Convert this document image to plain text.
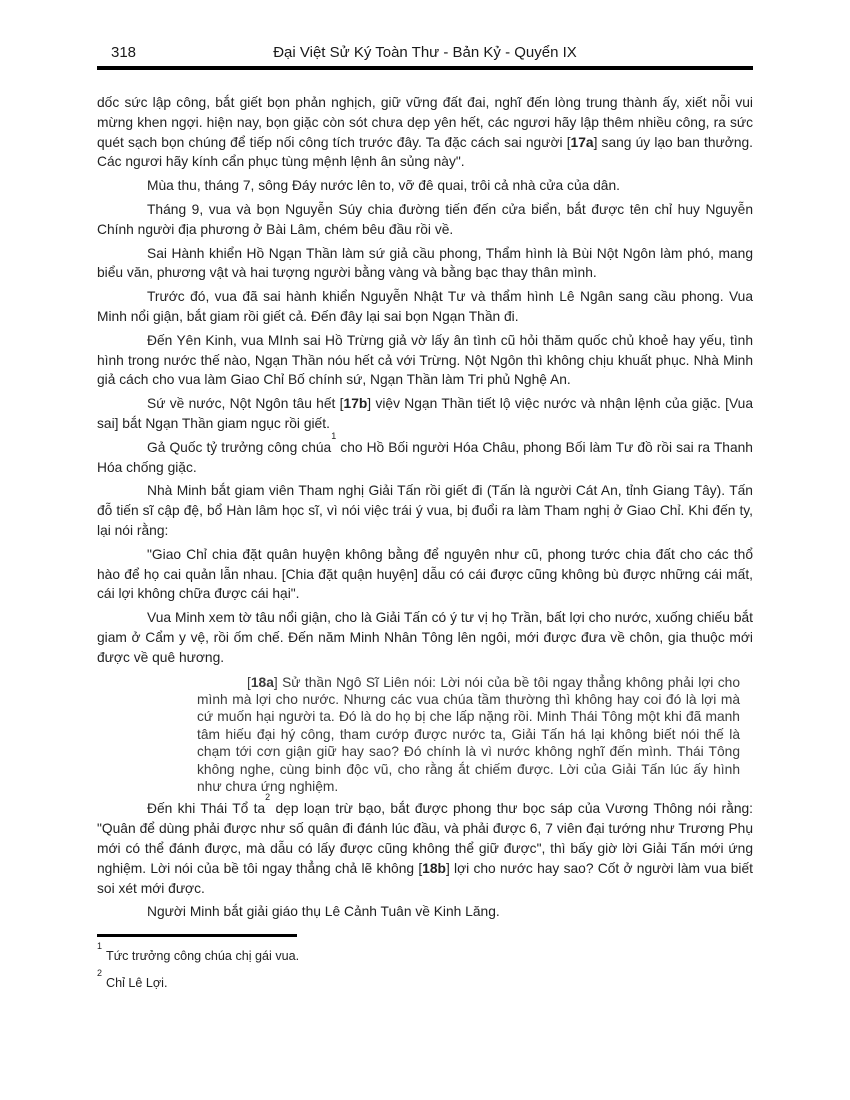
318	Đại Việt Sử Ký Toàn Thư - Bản Kỷ - Quyển IX
dốc sức lập công, bắt giết bọn phản nghịch, giữ vững đất đai, nghĩ đến lòng trung thành ấy, xiết nỗi vui mừng khen ngợi. hiện nay, bọn giặc còn sót chưa dẹp yên hết, các ngươi hãy lập thêm nhiều công, ra sức quét sạch bọn chúng để tiếp nối công tích trước đây. Ta đặc cách sai người [17a] sang úy lạo ban thưởng. Các ngươi hãy kính cẩn phục tùng mệnh lệnh ân sủng này".
Mùa thu, tháng 7, sông Đáy nước lên to, vỡ đê quai, trôi cả nhà cửa của dân.
Tháng 9, vua và bọn Nguyễn Súy chia đường tiến đến cửa biển, bắt được tên chỉ huy Nguyễn Chính người địa phương ở Bài Lâm, chém bêu đầu rồi về.
Sai Hành khiển Hồ Ngạn Thần làm sứ giả cầu phong, Thẩm hình là Bùi Nột Ngôn làm phó, mang biểu văn, phương vật và hai tượng người bằng vàng và bằng bạc thay thân mình.
Trước đó, vua đã sai hành khiển Nguyễn Nhật Tư và thẩm hình Lê Ngân sang cầu phong. Vua Minh nổi giận, bắt giam rồi giết cả. Đến đây lại sai bọn Ngạn Thần đi.
Đến Yên Kinh, vua MInh sai Hồ Trừng giả vờ lấy ân tình cũ hỏi thăm quốc chủ khoẻ hay yếu, tình hình trong nước thế nào, Ngạn Thần nóu hết cả với Trừng. Nột Ngôn thì không chịu khuất phục. Nhà Minh giả cách cho vua làm Giao Chỉ Bố chính sứ, Ngạn Thần làm Tri phủ Nghệ An.
Sứ về nước, Nột Ngôn tâu hết [17b] việv Ngạn Thần tiết lộ việc nước và nhận lệnh của giặc. [Vua sai] bắt Ngạn Thần giam ngục rồi giết.
Gả Quốc tỷ trưởng công chúa$^1$ cho Hồ Bối người Hóa Châu, phong Bối làm Tư đồ rồi sai ra Thanh Hóa chống giặc.
Nhà Minh bắt giam viên Tham nghị Giải Tấn rồi giết đi (Tấn là người Cát An, tỉnh Giang Tây). Tấn đỗ tiến sĩ cập đệ, bổ Hàn lâm học sĩ, vì nói việc trái ý vua, bị đuổi ra làm Tham nghị ở Giao Chỉ. Khi đến ty, lại nói rằng:
"Giao Chỉ chia đặt quân huyện không bằng để nguyên như cũ, phong tước chia đất cho các thổ hào để họ cai quản lẫn nhau. [Chia đặt quận huyện] dẫu có cái được cũng không bù được những cái mất, cái lợi không chữa được cái hại".
Vua Minh xem tờ tâu nổi giận, cho là Giải Tấn có ý tư vị họ Trần, bất lợi cho nước, xuống chiếu bắt giam ở Cẩm y vệ, rồi ốm chế. Đến năm Minh Nhân Tông lên ngôi, mới được đưa về chôn, gia thuộc mới được về quê hương.
[18a] Sử thần Ngô Sĩ Liên nói: Lời nói của bề tôi ngay thẳng không phải lợi cho mình mà lợi cho nước. Nhưng các vua chúa tầm thường thì không hay coi đó là lợi mà cứ muốn hại người ta. Đó là do họ bị che lấp nặng rồi. Minh Thái Tông một khi đã manh tâm hiếu đại hý công, tham cướp được nước ta, Giải Tấn há lại không biết nói thế là chạm tới cơn giận giữ hay sao? Đó chính là vì nước không nghĩ đến mình. Thái Tông không nghe, cùng binh độc vũ, cho rằng ắt chiếm được. Lời của Giải Tấn lúc ấy hình như chưa ứng nghiệm.
Đến khi Thái Tổ ta$^2$ dẹp loạn trừ bạo, bắt được phong thư bọc sáp của Vương Thông nói rằng: "Quân để dùng phải được như số quân đi đánh lúc đầu, và phải được 6, 7 viên đại tướng như Trương Phụ mới có thể đánh được, mà dẫu có lấy được cũng không thể giữ được", thì bấy giờ lời Giải Tấn mới ứng nghiệm. Lời nói của bề tôi ngay thẳng chả lẽ không [18b] lợi cho nước hay sao? Cốt ở người làm vua biết soi xét mới được.
Người Minh bắt giải giáo thụ Lê Cảnh Tuân về Kinh Lăng.
$^1$Tức trưởng công chúa chị gái vua.
$^2$Chỉ Lê Lợi.
